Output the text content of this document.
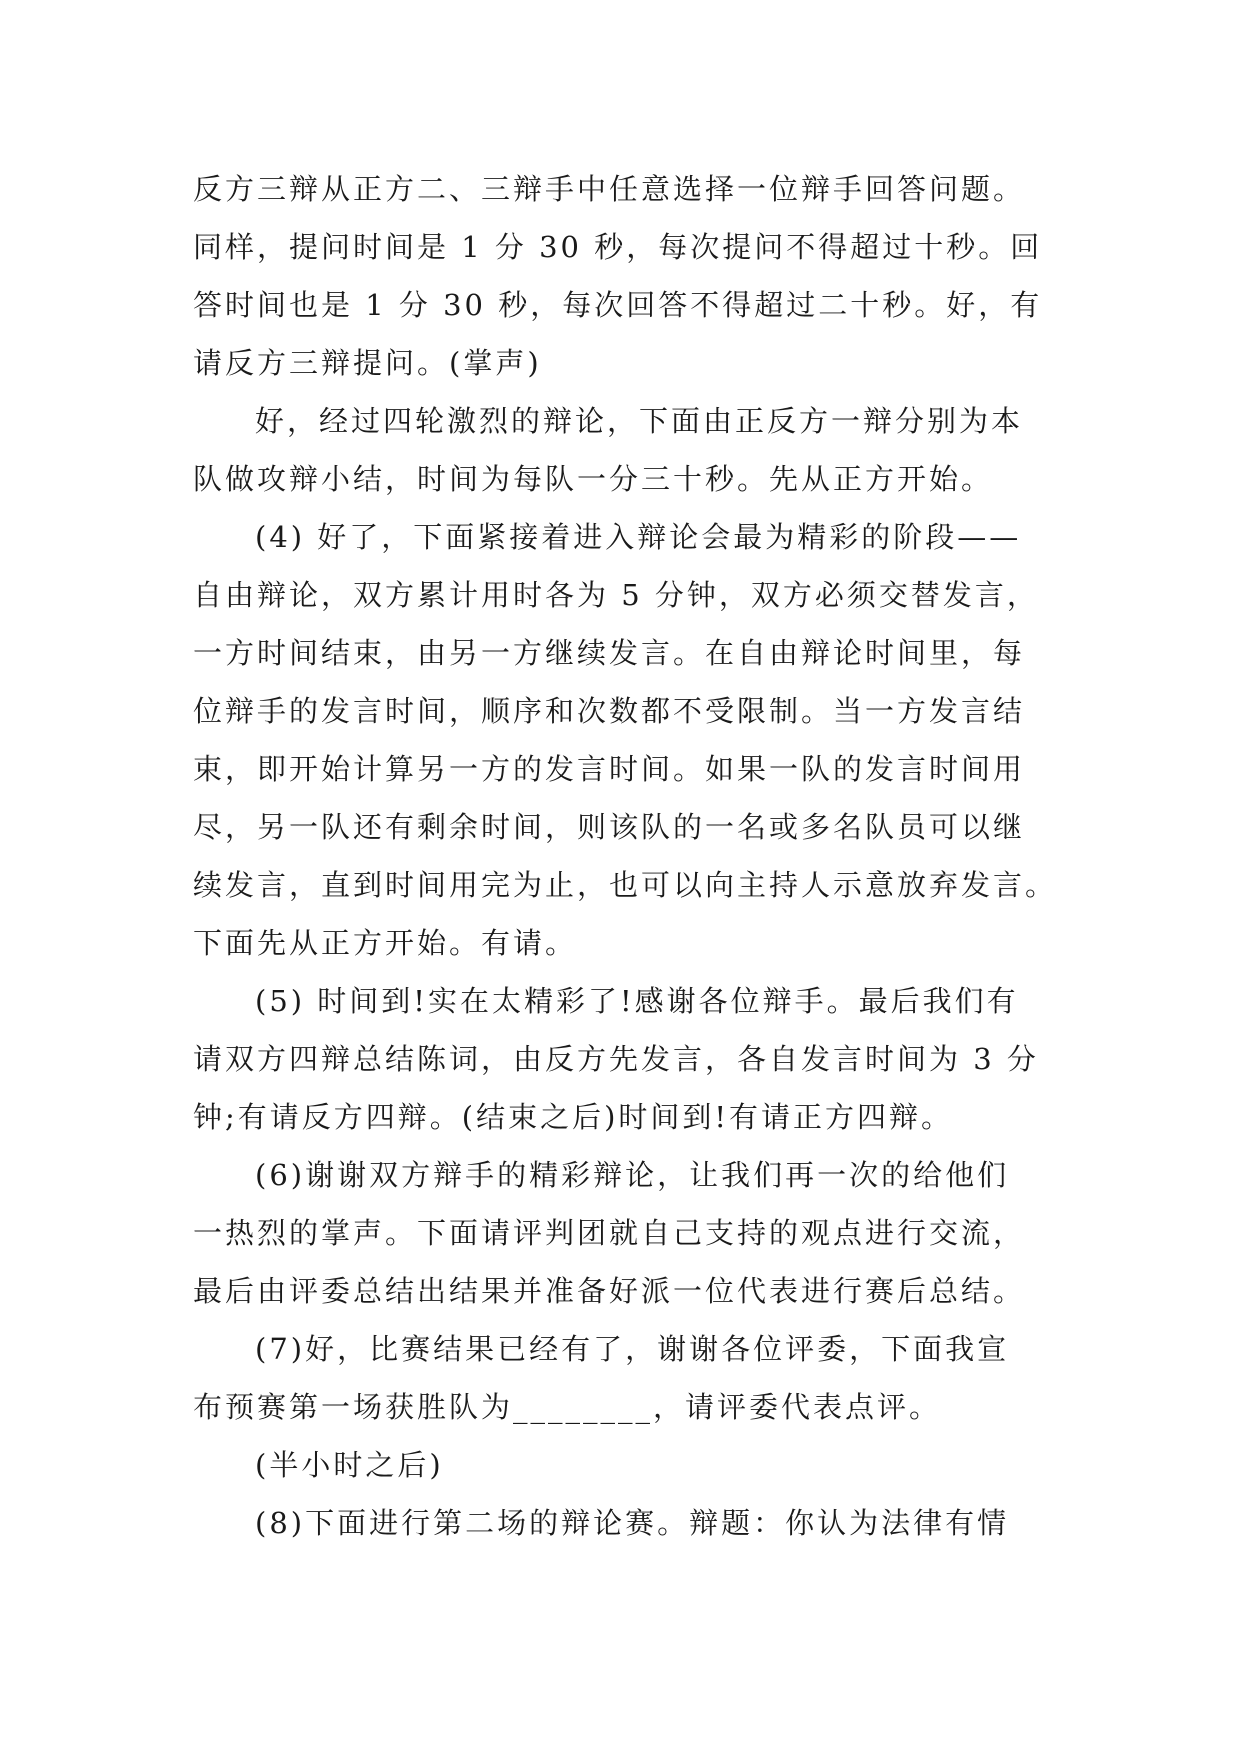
反方三辩从正方二、三辩手中任意选择一位辩手回答问题。
同样，提问时间是 1 分 30 秒，每次提问不得超过十秒。回
答时间也是 1 分 30 秒，每次回答不得超过二十秒。好，有
请反方三辩提问。(掌声)
好，经过四轮激烈的辩论，下面由正反方一辩分别为本
队做攻辩小结，时间为每队一分三十秒。先从正方开始。
(4) 好了，下面紧接着进入辩论会最为精彩的阶段——
自由辩论，双方累计用时各为 5 分钟，双方必须交替发言，
一方时间结束，由另一方继续发言。在自由辩论时间里，每
位辩手的发言时间，顺序和次数都不受限制。当一方发言结
束，即开始计算另一方的发言时间。如果一队的发言时间用
尽，另一队还有剩余时间，则该队的一名或多名队员可以继
续发言，直到时间用完为止，也可以向主持人示意放弃发言。
下面先从正方开始。有请。
(5) 时间到!实在太精彩了!感谢各位辩手。最后我们有
请双方四辩总结陈词，由反方先发言，各自发言时间为 3 分
钟;有请反方四辩。(结束之后)时间到!有请正方四辩。
(6)谢谢双方辩手的精彩辩论，让我们再一次的给他们
一热烈的掌声。下面请评判团就自己支持的观点进行交流，
最后由评委总结出结果并准备好派一位代表进行赛后总结。
(7)好，比赛结果已经有了，谢谢各位评委，下面我宣
布预赛第一场获胜队为________，请评委代表点评。
(半小时之后)
(8)下面进行第二场的辩论赛。辩题：你认为法律有情
